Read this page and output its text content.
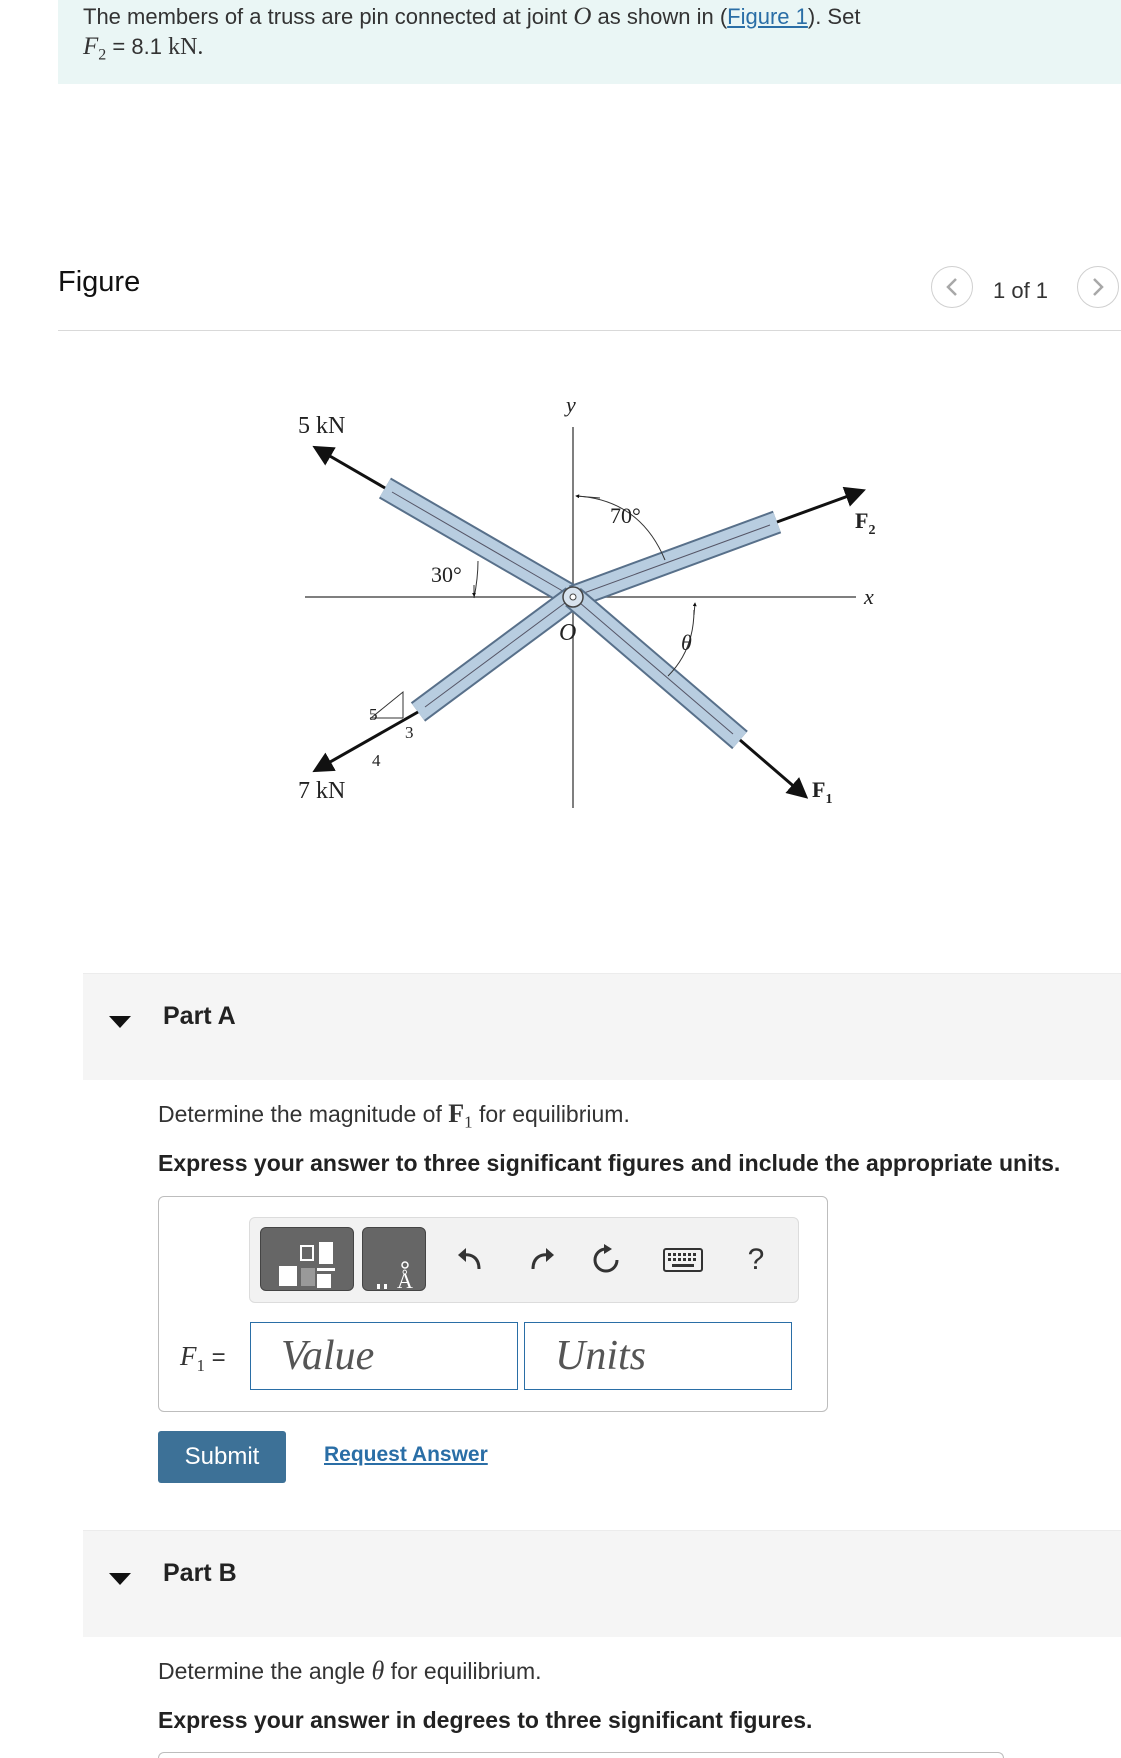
The members of a truss are pin connected at joint O as shown in (Figure 1). Set
$F_2 = 8.1$ kN.
Figure	1 of 1
5 kN
7 kN
y
x
70°
30°
θ
O
$F_2$
$F_1$
5
4
3
Part A
Determine the magnitude of $F_1$ for equilibrium.
Express your answer to three significant figures and include the appropriate units.
Å
?
$F_1$ =	Value	Units
Submit	Request Answer
Part B
Determine the angle θ for equilibrium.
Express your answer in degrees to three significant figures.
